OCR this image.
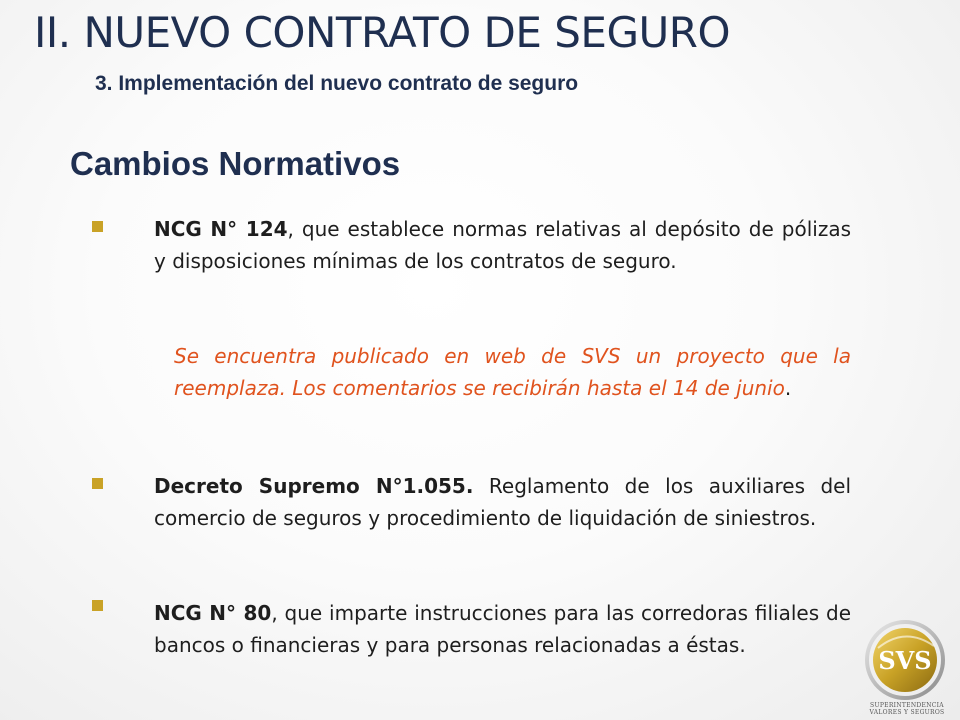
II. NUEVO CONTRATO DE SEGURO
3. Implementación del nuevo contrato de seguro
Cambios Normativos

NCG N° 124, que establece normas relativas al depósito de pólizas y disposiciones mínimas de los contratos de seguro.

Se encuentra publicado en web de SVS un proyecto que la reemplaza. Los comentarios se recibirán hasta el 14 de junio.

Decreto Supremo N°1.055. Reglamento de los auxiliares del comercio de seguros y procedimiento de liquidación de siniestros.

NCG N° 80, que imparte instrucciones para las corredoras filiales de bancos o financieras y para personas relacionadas a éstas.

SVS
SUPERINTENDENCIA
VALORES Y SEGUROS
